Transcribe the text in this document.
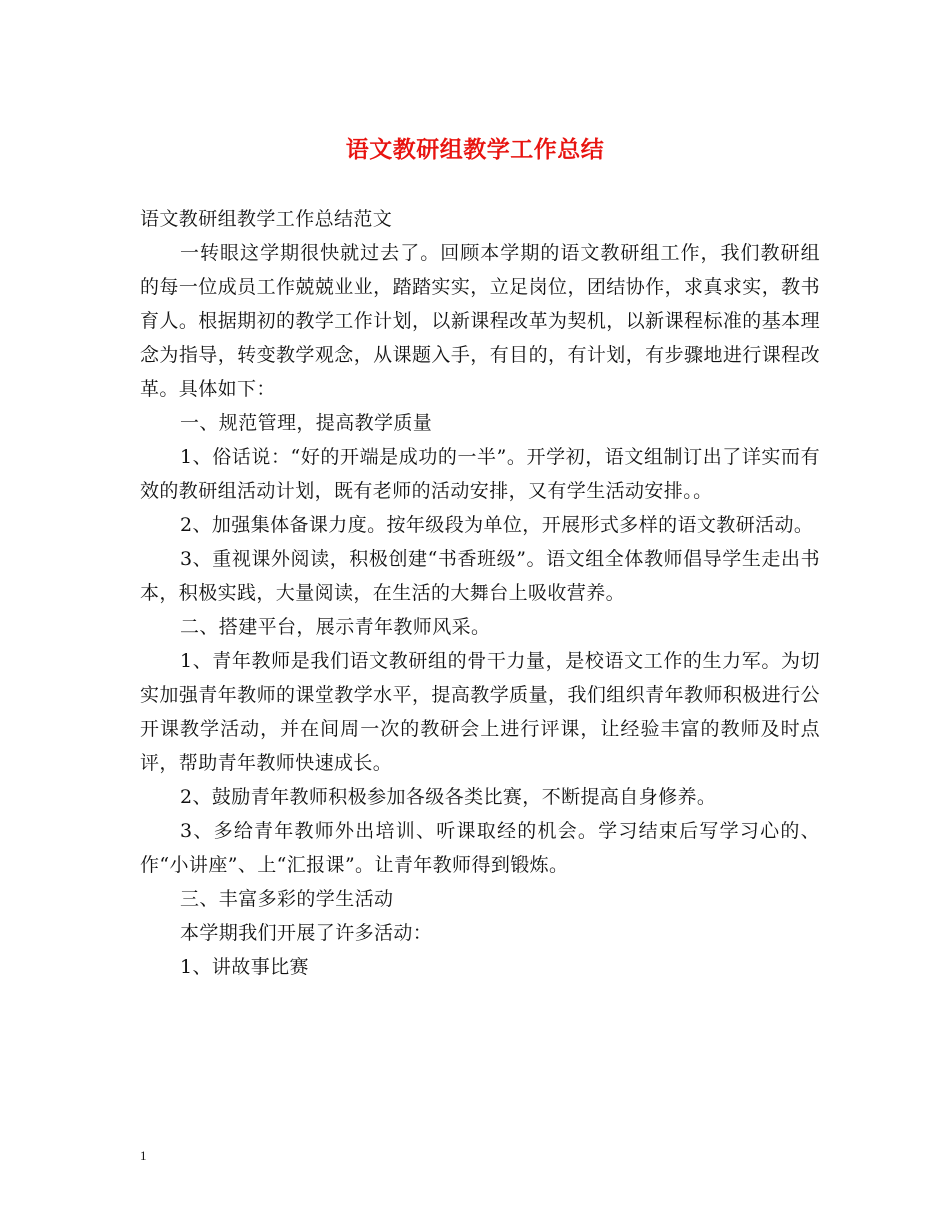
语文教研组教学工作总结

语文教研组教学工作总结范文

一转眼这学期很快就过去了。回顾本学期的语文教研组工作，我们教研组的每一位成员工作兢兢业业，踏踏实实，立足岗位，团结协作，求真求实，教书育人。根据期初的教学工作计划，以新课程改革为契机，以新课程标准的基本理念为指导，转变教学观念，从课题入手，有目的，有计划，有步骤地进行课程改革。具体如下：

一、规范管理，提高教学质量

1、俗话说：“好的开端是成功的一半”。开学初，语文组制订出了详实而有效的教研组活动计划，既有老师的活动安排，又有学生活动安排。。

2、加强集体备课力度。按年级段为单位，开展形式多样的语文教研活动。

3、重视课外阅读，积极创建“书香班级”。语文组全体教师倡导学生走出书本，积极实践，大量阅读，在生活的大舞台上吸收营养。

二、搭建平台，展示青年教师风采。

1、青年教师是我们语文教研组的骨干力量，是校语文工作的生力军。为切实加强青年教师的课堂教学水平，提高教学质量，我们组织青年教师积极进行公开课教学活动，并在间周一次的教研会上进行评课，让经验丰富的教师及时点评，帮助青年教师快速成长。

2、鼓励青年教师积极参加各级各类比赛，不断提高自身修养。

3、多给青年教师外出培训、听课取经的机会。学习结束后写学习心的、作“小讲座”、上“汇报课”。让青年教师得到锻炼。

三、丰富多彩的学生活动

本学期我们开展了许多活动：

1、讲故事比赛

1
